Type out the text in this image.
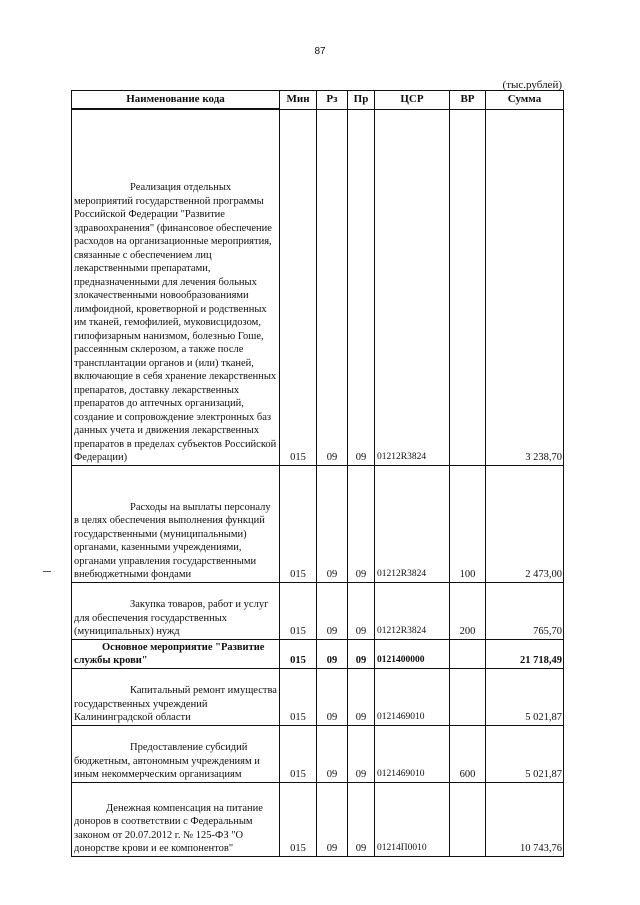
87
(тыс.рублей)
Наименование кода	Мин	Рз	Пр	ЦСР	ВР	Сумма

Реализация отдельных мероприятий государственной программы Российской Федерации "Развитие здравоохранения" (финансовое обеспечение расходов на организационные мероприятия, связанные с обеспечением лиц лекарственными препаратами, предназначенными для лечения больных злокачественными новообразованиями лимфоидной, кроветворной и родственных им тканей, гемофилией, муковисцидозом, гипофизарным нанизмом, болезнью Гоше, рассеянным склерозом, а также после трансплантации органов и (или) тканей, включающие в себя хранение лекарственных препаратов, доставку лекарственных препаратов до аптечных организаций, создание и сопровождение электронных баз данных учета и движения лекарственных препаратов в пределах субъектов Российской Федерации)	015	09	09	01212R3824		3 238,70

Расходы на выплаты персоналу в целях обеспечения выполнения функций государственными (муниципальными) органами, казенными учреждениями, органами управления государственными внебюджетными фондами	015	09	09	01212R3824	100	2 473,00

Закупка товаров, работ и услуг для обеспечения государственных (муниципальных) нужд	015	09	09	01212R3824	200	765,70

Основное мероприятие "Развитие службы крови"	015	09	09	0121400000		21 718,49

Капитальный ремонт имущества государственных учреждений Калининградской области	015	09	09	0121469010		5 021,87

Предоставление субсидий бюджетным, автономным учреждениям и иным некоммерческим организациям	015	09	09	0121469010	600	5 021,87

Денежная компенсация на питание доноров в соответствии с Федеральным законом от 20.07.2012 г. № 125-ФЗ "О донорстве крови и ее компонентов"	015	09	09	01214П0010		10 743,76
